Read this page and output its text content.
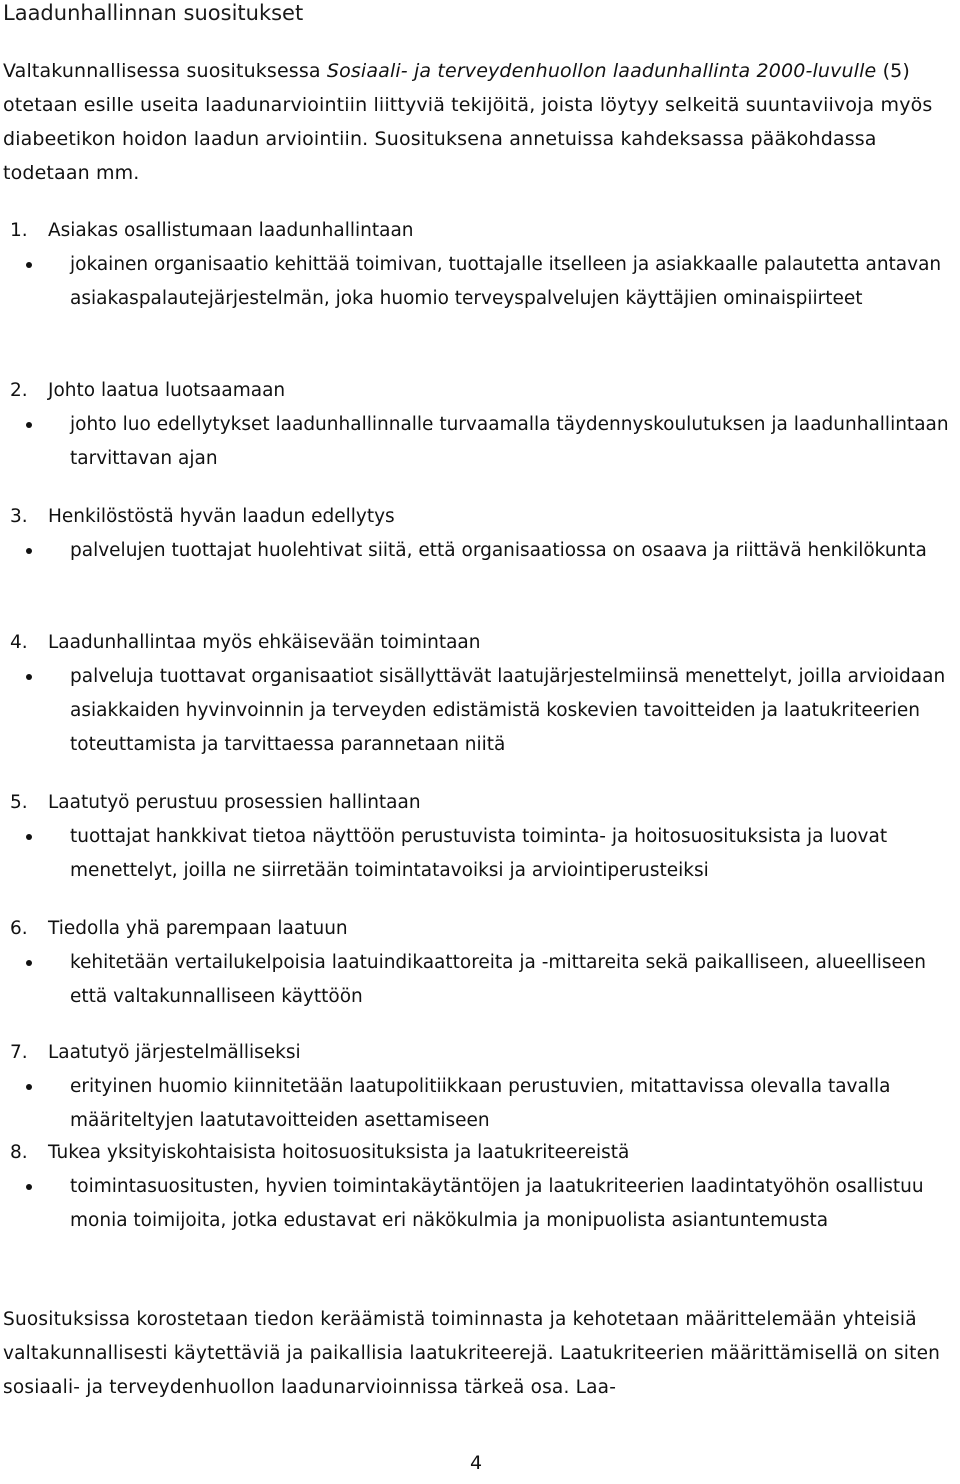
Laadunhallinnan suositukset

Valtakunnallisessa suosituksessa Sosiaali- ja terveydenhuollon laadunhallinta 2000-luvulle (5) otetaan esille useita laadunarviointiin liittyviä tekijöitä, joista löytyy selkeitä suuntaviivoja myös diabeetikon hoidon laadun arviointiin. Suosituksena annetuissa kahdeksassa pääkohdassa todetaan mm.

1. Asiakas osallistumaan laadunhallintaan
jokainen organisaatio kehittää toimivan, tuottajalle itselleen ja asiakkaalle palautetta antavan asiakaspalautejärjestelmän, joka huomio terveyspalvelujen käyttäjien ominaispiirteet
2. Johto laatua luotsaamaan
johto luo edellytykset laadunhallinnalle turvaamalla täydennyskoulutuksen ja laadunhallintaan tarvittavan ajan
3. Henkilöstöstä hyvän laadun edellytys
palvelujen tuottajat huolehtivat siitä, että organisaatiossa on osaava ja riittävä henkilökunta
4. Laadunhallintaa myös ehkäisevään toimintaan
palveluja tuottavat organisaatiot sisällyttävät laatujärjestelmiinsä menettelyt, joilla arvioidaan asiakkaiden hyvinvoinnin ja terveyden edistämistä koskevien tavoitteiden ja laatukriteerien toteuttamista ja tarvittaessa parannetaan niitä
5. Laatutyö perustuu prosessien hallintaan
tuottajat hankkivat tietoa näyttöön perustuvista toiminta- ja hoitosuosituksista ja luovat menettelyt, joilla ne siirretään toimintatavoiksi ja arviointiperusteiksi
6. Tiedolla yhä parempaan laatuun
kehitetään vertailukelpoisia laatuindikaattoreita ja -mittareita sekä paikalliseen, alueelliseen että valtakunnalliseen käyttöön
7. Laatutyö järjestelmälliseksi
erityinen huomio kiinnitetään laatupolitiikkaan perustuvien, mitattavissa olevalla tavalla määriteltyjen laatutavoitteiden asettamiseen
8. Tukea yksityiskohtaisista hoitosuosituksista ja laatukriteereistä
toimintasuositusten, hyvien toimintakäytäntöjen ja laatukriteerien laadintatyöhön osallistuu monia toimijoita, jotka edustavat eri näkökulmia ja monipuolista asiantuntemusta

Suosituksissa korostetaan tiedon keräämistä toiminnasta ja kehotetaan määrittelemään yhteisiä valtakunnallisesti käytettäviä ja paikallisia laatukriteerejä. Laatukriteerien määrittämisellä on siten sosiaali- ja terveydenhuollon laadunarvioinnissa tärkeä osa. Laa-

4
